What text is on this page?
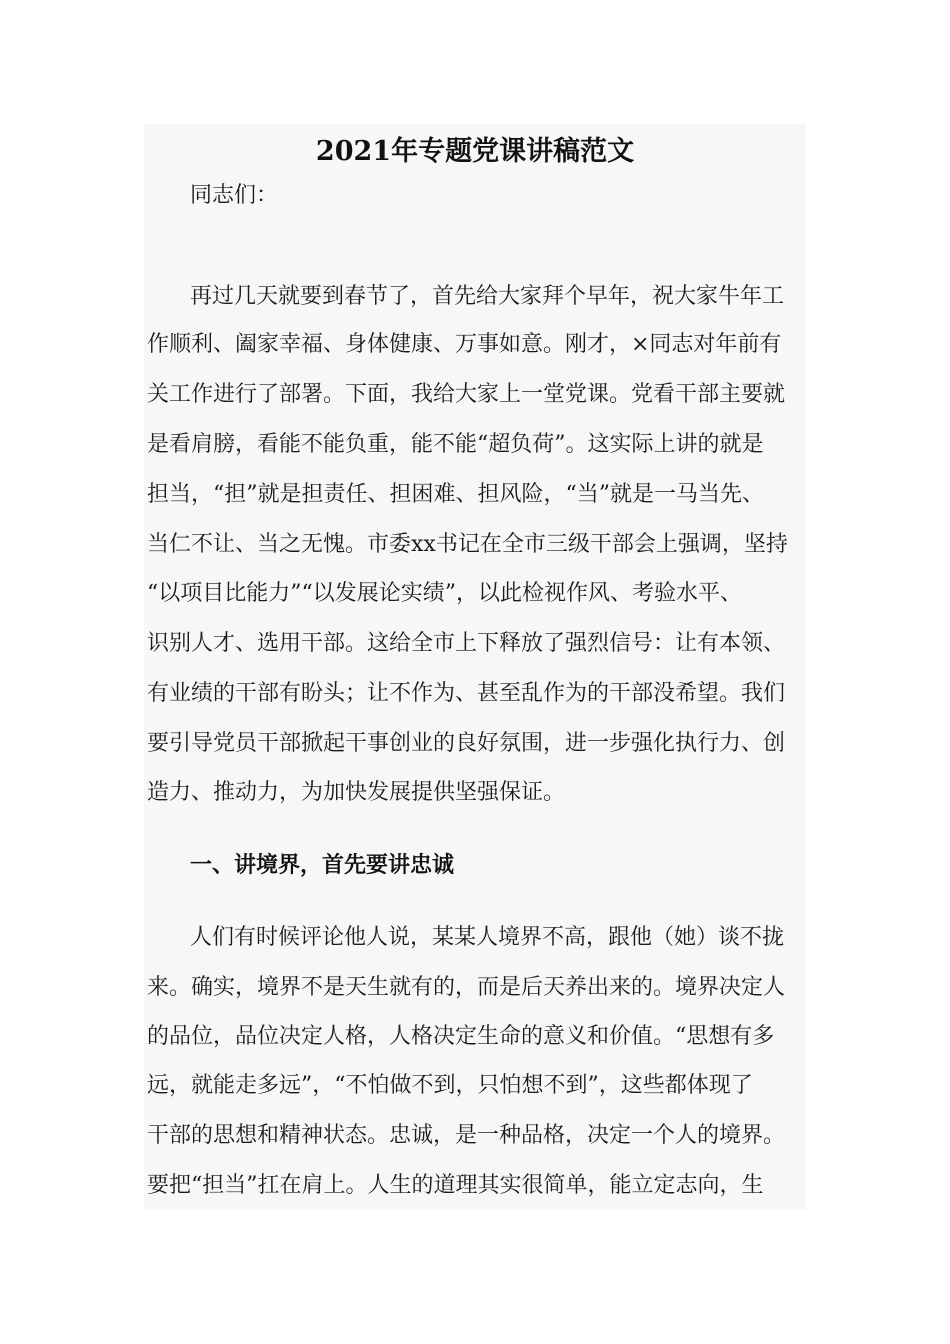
2021年专题党课讲稿范文
同志们：
再过几天就要到春节了，首先给大家拜个早年，祝大家牛年工
作顺利、阖家幸福、身体健康、万事如意。刚才，×同志对年前有
关工作进行了部署。下面，我给大家上一堂党课。党看干部主要就
是看肩膀，看能不能负重，能不能“超负荷”。这实际上讲的就是
担当，“担”就是担责任、担困难、担风险，“当”就是一马当先、
当仁不让、当之无愧。市委xx书记在全市三级干部会上强调，坚持
“以项目比能力”“以发展论实绩”，以此检视作风、考验水平、
识别人才、选用干部。这给全市上下释放了强烈信号：让有本领、
有业绩的干部有盼头；让不作为、甚至乱作为的干部没希望。我们
要引导党员干部掀起干事创业的良好氛围，进一步强化执行力、创
造力、推动力，为加快发展提供坚强保证。
一、讲境界，首先要讲忠诚
人们有时候评论他人说，某某人境界不高，跟他（她）谈不拢
来。确实，境界不是天生就有的，而是后天养出来的。境界决定人
的品位，品位决定人格，人格决定生命的意义和价值。“思想有多
远，就能走多远”，“不怕做不到，只怕想不到”，这些都体现了
干部的思想和精神状态。忠诚，是一种品格，决定一个人的境界。
要把“担当”扛在肩上。人生的道理其实很简单，能立定志向，生
